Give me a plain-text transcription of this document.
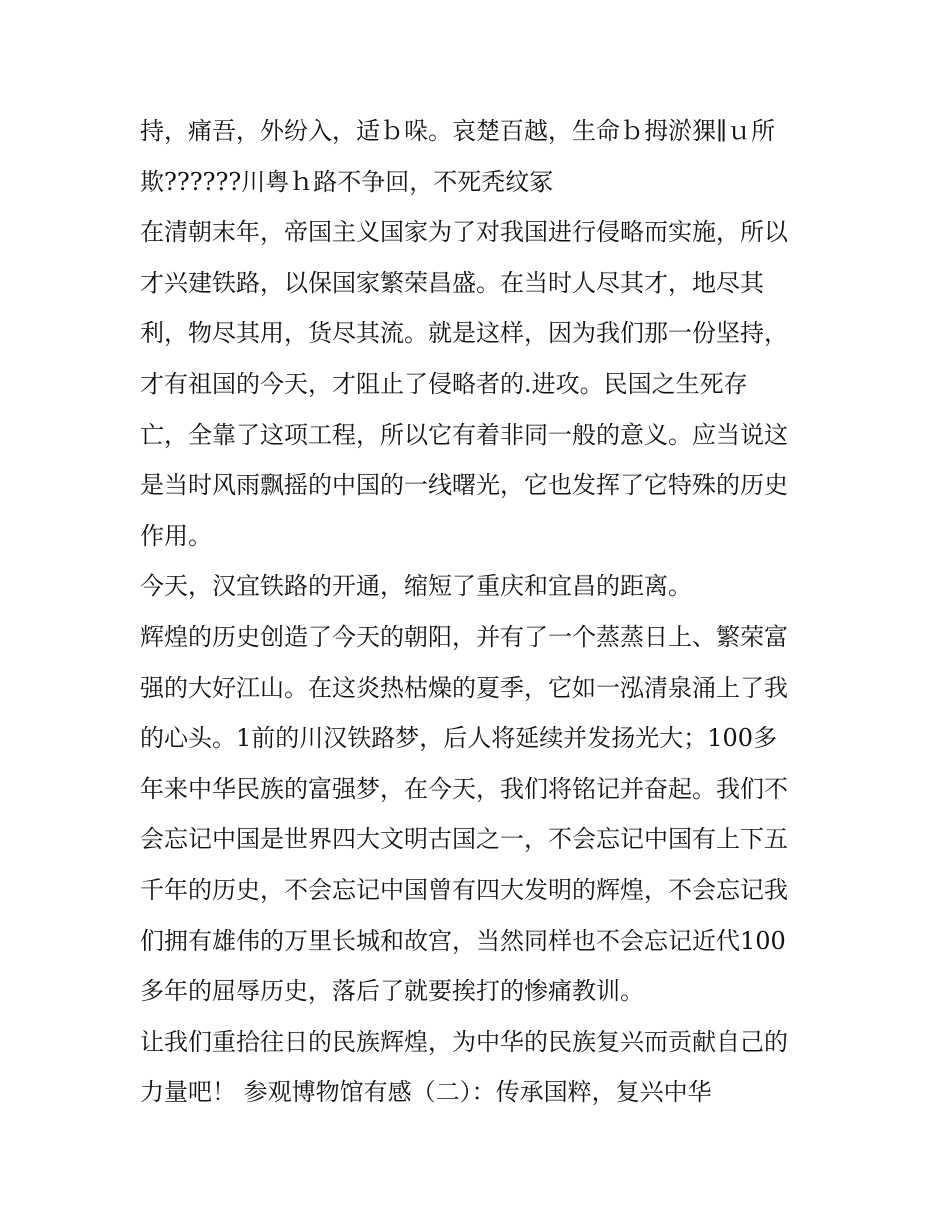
持，痛吾，外纷入，适ｂ哚。哀楚百越，生命ｂ拇淤猓∥ｕ所
欺??????川粤ｈ路不争回，不死秃纹冢
在清朝末年，帝国主义国家为了对我国进行侵略而实施，所以
才兴建铁路，以保国家繁荣昌盛。在当时人尽其才，地尽其
利，物尽其用，货尽其流。就是这样，因为我们那一份坚持，
才有祖国的今天，才阻止了侵略者的.进攻。民国之生死存
亡，全靠了这项工程，所以它有着非同一般的意义。应当说这
是当时风雨飘摇的中国的一线曙光，它也发挥了它特殊的历史
作用。
今天，汉宜铁路的开通，缩短了重庆和宜昌的距离。
辉煌的历史创造了今天的朝阳，并有了一个蒸蒸日上、繁荣富
强的大好江山。在这炎热枯燥的夏季，它如一泓清泉涌上了我
的心头。1前的川汉铁路梦，后人将延续并发扬光大；100多
年来中华民族的富强梦，在今天，我们将铭记并奋起。我们不
会忘记中国是世界四大文明古国之一，不会忘记中国有上下五
千年的历史，不会忘记中国曾有四大发明的辉煌，不会忘记我
们拥有雄伟的万里长城和故宫，当然同样也不会忘记近代100
多年的屈辱历史，落后了就要挨打的惨痛教训。
让我们重拾往日的民族辉煌，为中华的民族复兴而贡献自己的
力量吧！ 参观博物馆有感（二）：传承国粹，复兴中华
